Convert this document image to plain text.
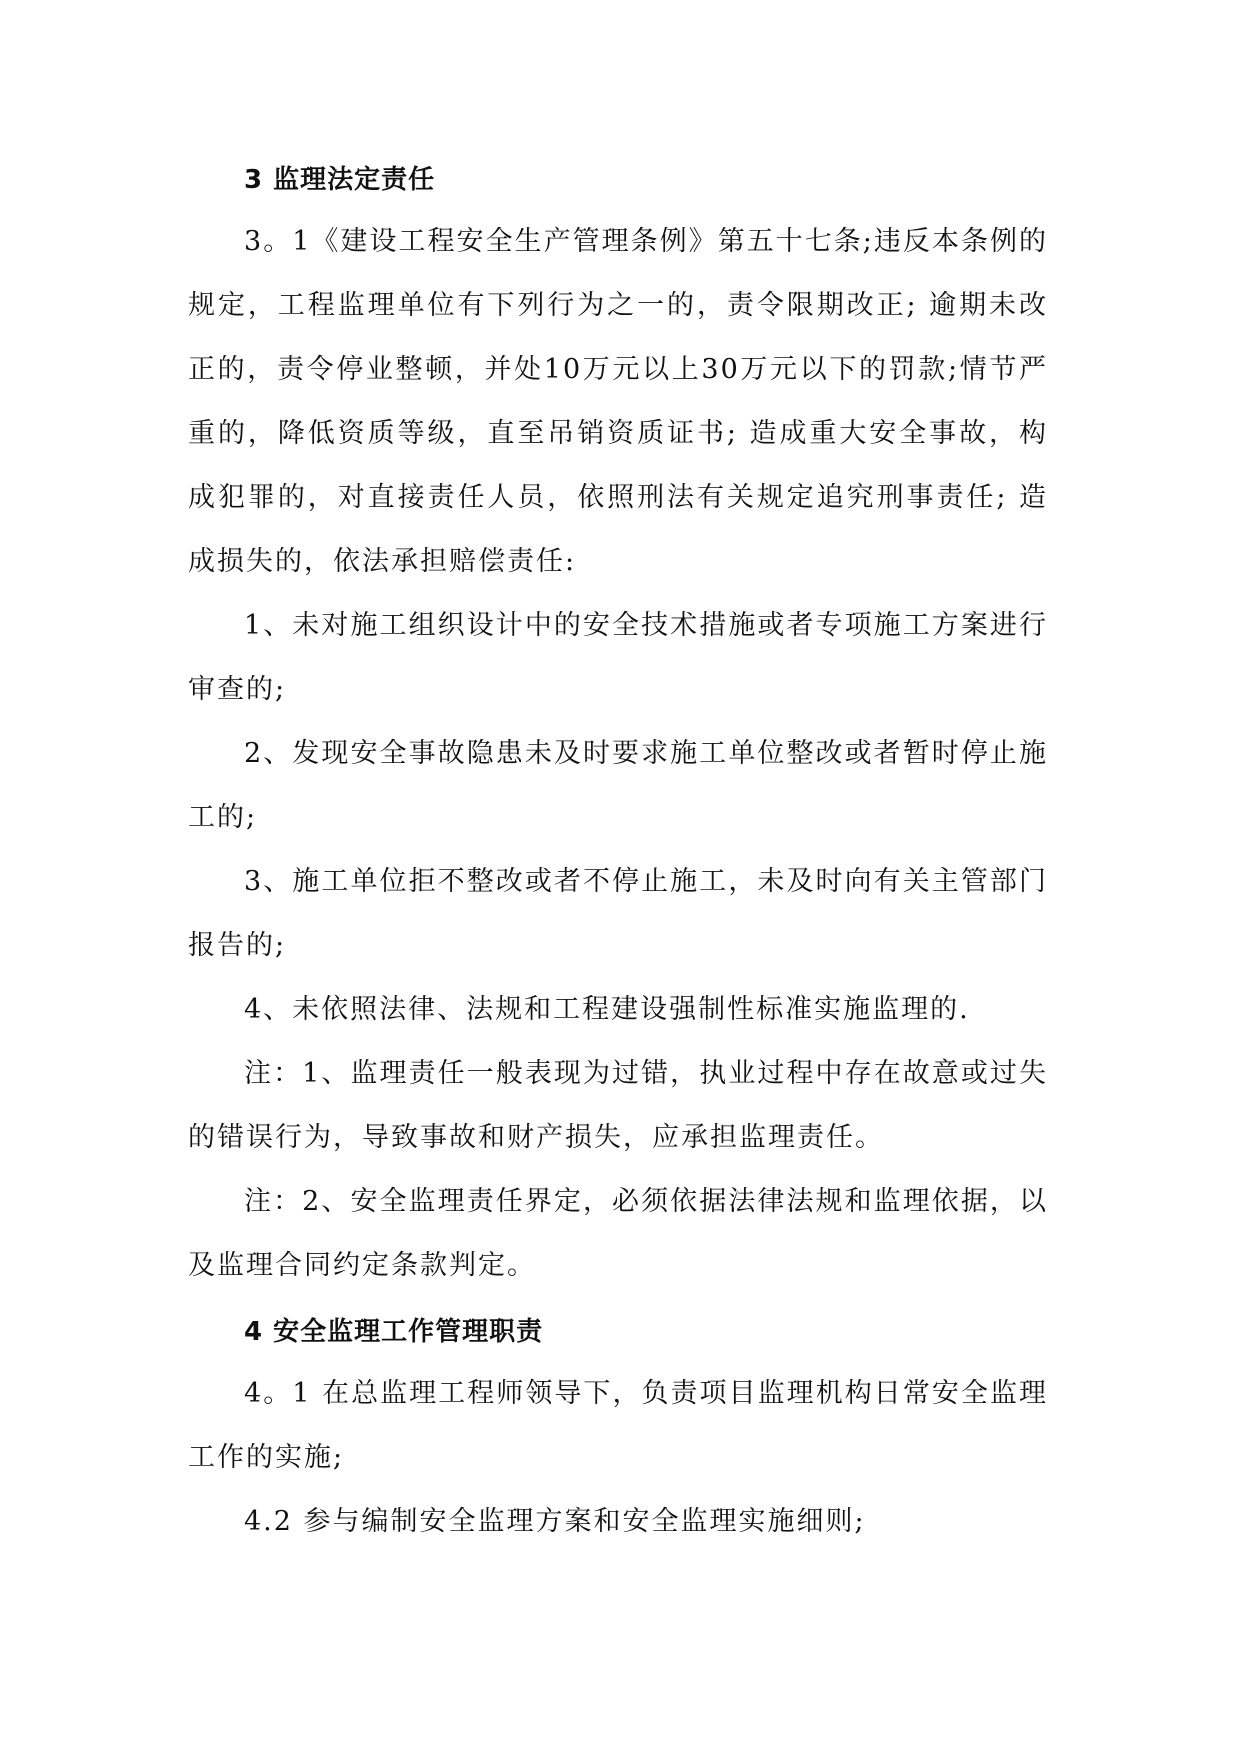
3 监理法定责任

3。1《建设工程安全生产管理条例》第五十七条;违反本条例的规定，工程监理单位有下列行为之一的，责令限期改正; 逾期未改正的，责令停业整顿，并处10万元以上30万元以下的罚款;情节严重的，降低资质等级，直至吊销资质证书; 造成重大安全事故，构成犯罪的，对直接责任人员，依照刑法有关规定追究刑事责任; 造成损失的，依法承担赔偿责任:

1、未对施工组织设计中的安全技术措施或者专项施工方案进行审查的;

2、发现安全事故隐患未及时要求施工单位整改或者暂时停止施工的;

3、施工单位拒不整改或者不停止施工，未及时向有关主管部门报告的;

4、未依照法律、法规和工程建设强制性标准实施监理的.

注：1、监理责任一般表现为过错，执业过程中存在故意或过失的错误行为，导致事故和财产损失，应承担监理责任。

注：2、安全监理责任界定，必须依据法律法规和监理依据，以及监理合同约定条款判定。

4 安全监理工作管理职责

4。1 在总监理工程师领导下，负责项目监理机构日常安全监理工作的实施;

4.2 参与编制安全监理方案和安全监理实施细则;
